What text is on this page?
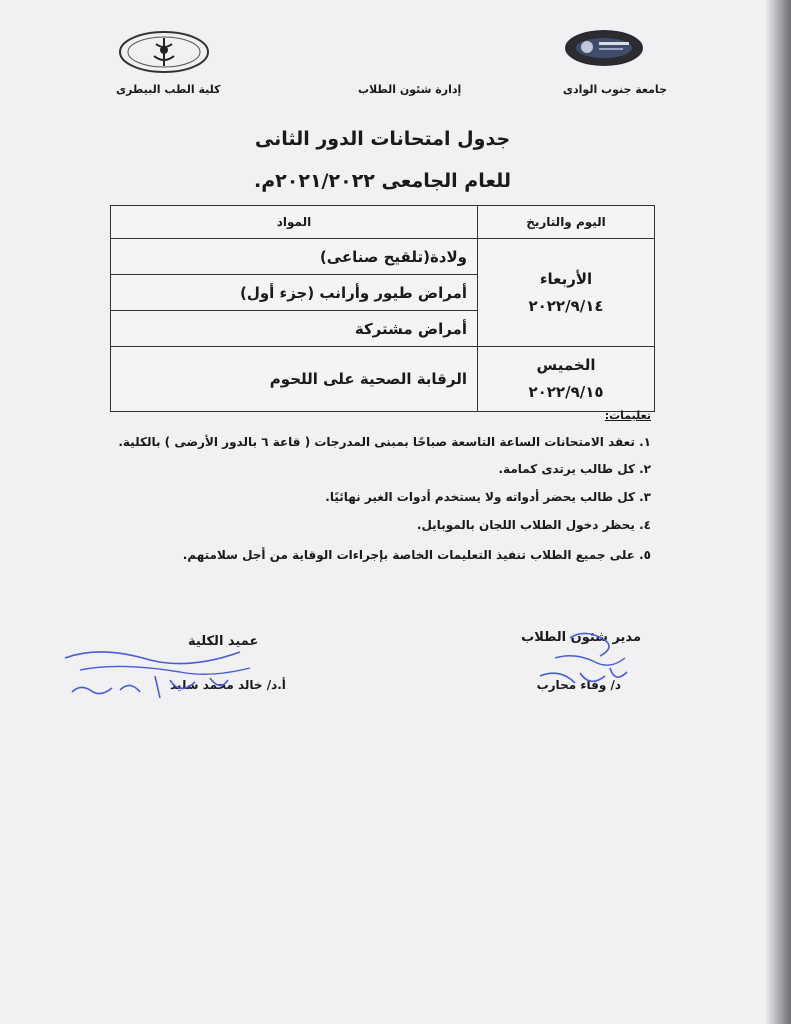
جامعة جنوب الوادى
إدارة شئون الطلاب
كلية الطب البيطرى
جدول امتحانات الدور الثانى
للعام الجامعى ٢٠٢١/٢٠٢٢م.
اليوم والتاريخ	المواد

الأربعاء
٢٠٢٢/٩/١٤	ولادة(تلقيح صناعى)
	أمراض طيور وأرانب (جزء أول)
	أمراض مشتركة

الخميس
٢٠٢٢/٩/١٥	الرقابة الصحية على اللحوم
تعليمات:
١. تعقد الامتحانات الساعة التاسعة صباحًا بمبنى المدرجات ( قاعة ٦ بالدور الأرضى ) بالكلية.
٢. كل طالب يرتدى كمامة.
٣. كل طالب يحضر أدواته ولا يستخدم أدوات الغير نهائيًا.
٤. يحظر دخول الطلاب اللجان بالموبايل.
٥. على جميع الطلاب تنفيذ التعليمات الخاصة بإجراءات الوقاية من أجل سلامتهم.
مدير شئون الطلاب
د/ وفاء محارب
عميد الكلية
أ.د/ خالد محمد سليد
